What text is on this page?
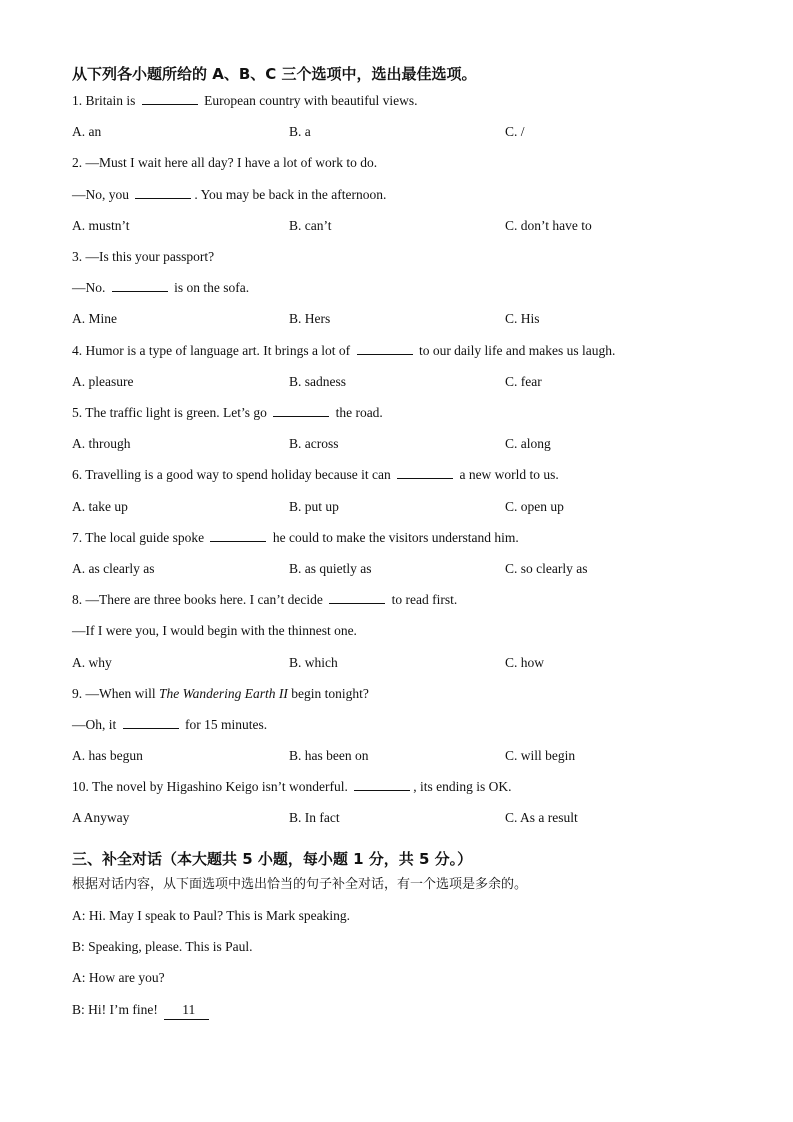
从下列各小题所给的 A、B、C 三个选项中，选出最佳选项。
1. Britain is	European country with beautiful views.
A. an	B. a	C. /
2. —Must I wait here all day? I have a lot of work to do.
—No, you	. You may be back in the afternoon.
A. mustn’t	B. can’t	C. don’t have to
3. —Is this your passport?
—No.	is on the sofa.
A. Mine	B. Hers	C. His
4. Humor is a type of language art. It brings a lot of	to our daily life and makes us laugh.
A. pleasure	B. sadness	C. fear
5. The traffic light is green. Let’s go	the road.
A. through	B. across	C. along
6. Travelling is a good way to spend holiday because it can	a new world to us.
A. take up	B. put up	C. open up
7. The local guide spoke	he could to make the visitors understand him.
A. as clearly as	B. as quietly as	C. so clearly as
8. —There are three books here. I can’t decide	to read first.
—If I were you, I would begin with the thinnest one.
A. why	B. which	C. how
9. —When will The Wandering Earth II begin tonight?
—Oh, it	for 15 minutes.
A. has begun	B. has been on	C. will begin
10. The novel by Higashino Keigo isn’t wonderful.	, its ending is OK.
A Anyway	B. In fact	C. As a result
三、补全对话（本大题共 5 小题，每小题 1 分，共 5 分。）
根据对话内容，从下面选项中选出恰当的句子补全对话，有一个选项是多余的。
A: Hi. May I speak to Paul? This is Mark speaking.
B: Speaking, please. This is Paul.
A: How are you?
B: Hi! I’m fine! 11
